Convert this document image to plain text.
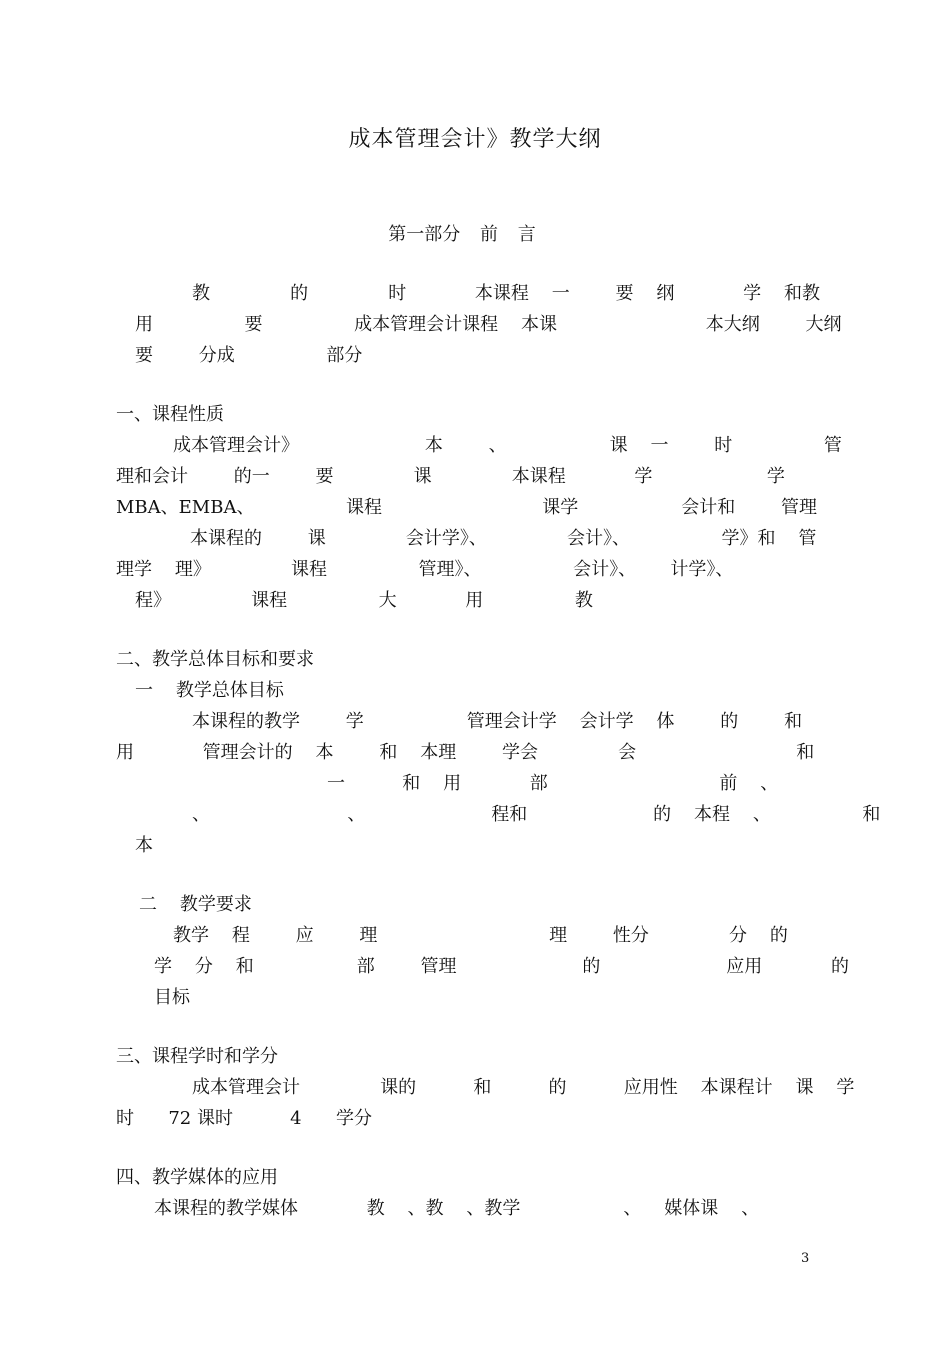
成本管理会计》教学大纲
第一部分 前 言
教              的              时            本课程    一        要    纲            学    和教
用                要                成本管理会计课程    本课                          本大纲        大纲
要        分成                部分
一、课程性质
成本管理会计》                      本        、                  课    一        时                管
理和会计        的一        要              课              本课程            学                    学
MBA、EMBA、                课程                            课学                  会计和        管理
本课程的        课              会计学》、              会计》、                学》和    管
理学    理》              课程                管理》、                会计》、      计学》、
程》              课程                大            用                教
二、教学总体目标和要求
一    教学总体目标
本课程的教学        学                  管理会计学    会计学    体        的        和
用            管理会计的    本        和    本理        学会              会                            和
一          和    用            部                              前    、
、                        、                      程和                      的    本程    、                和
本
二    教学要求
教学    程        应        理                              理        性分              分    的
学    分    和                  部        管理                      的                      应用            的
目标
三、课程学时和学分
成本管理会计              课的          和          的          应用性    本课程计    课    学
时      72 课时          4      学分
四、教学媒体的应用
本课程的教学媒体            教    、教    、教学                  、    媒体课    、
3
